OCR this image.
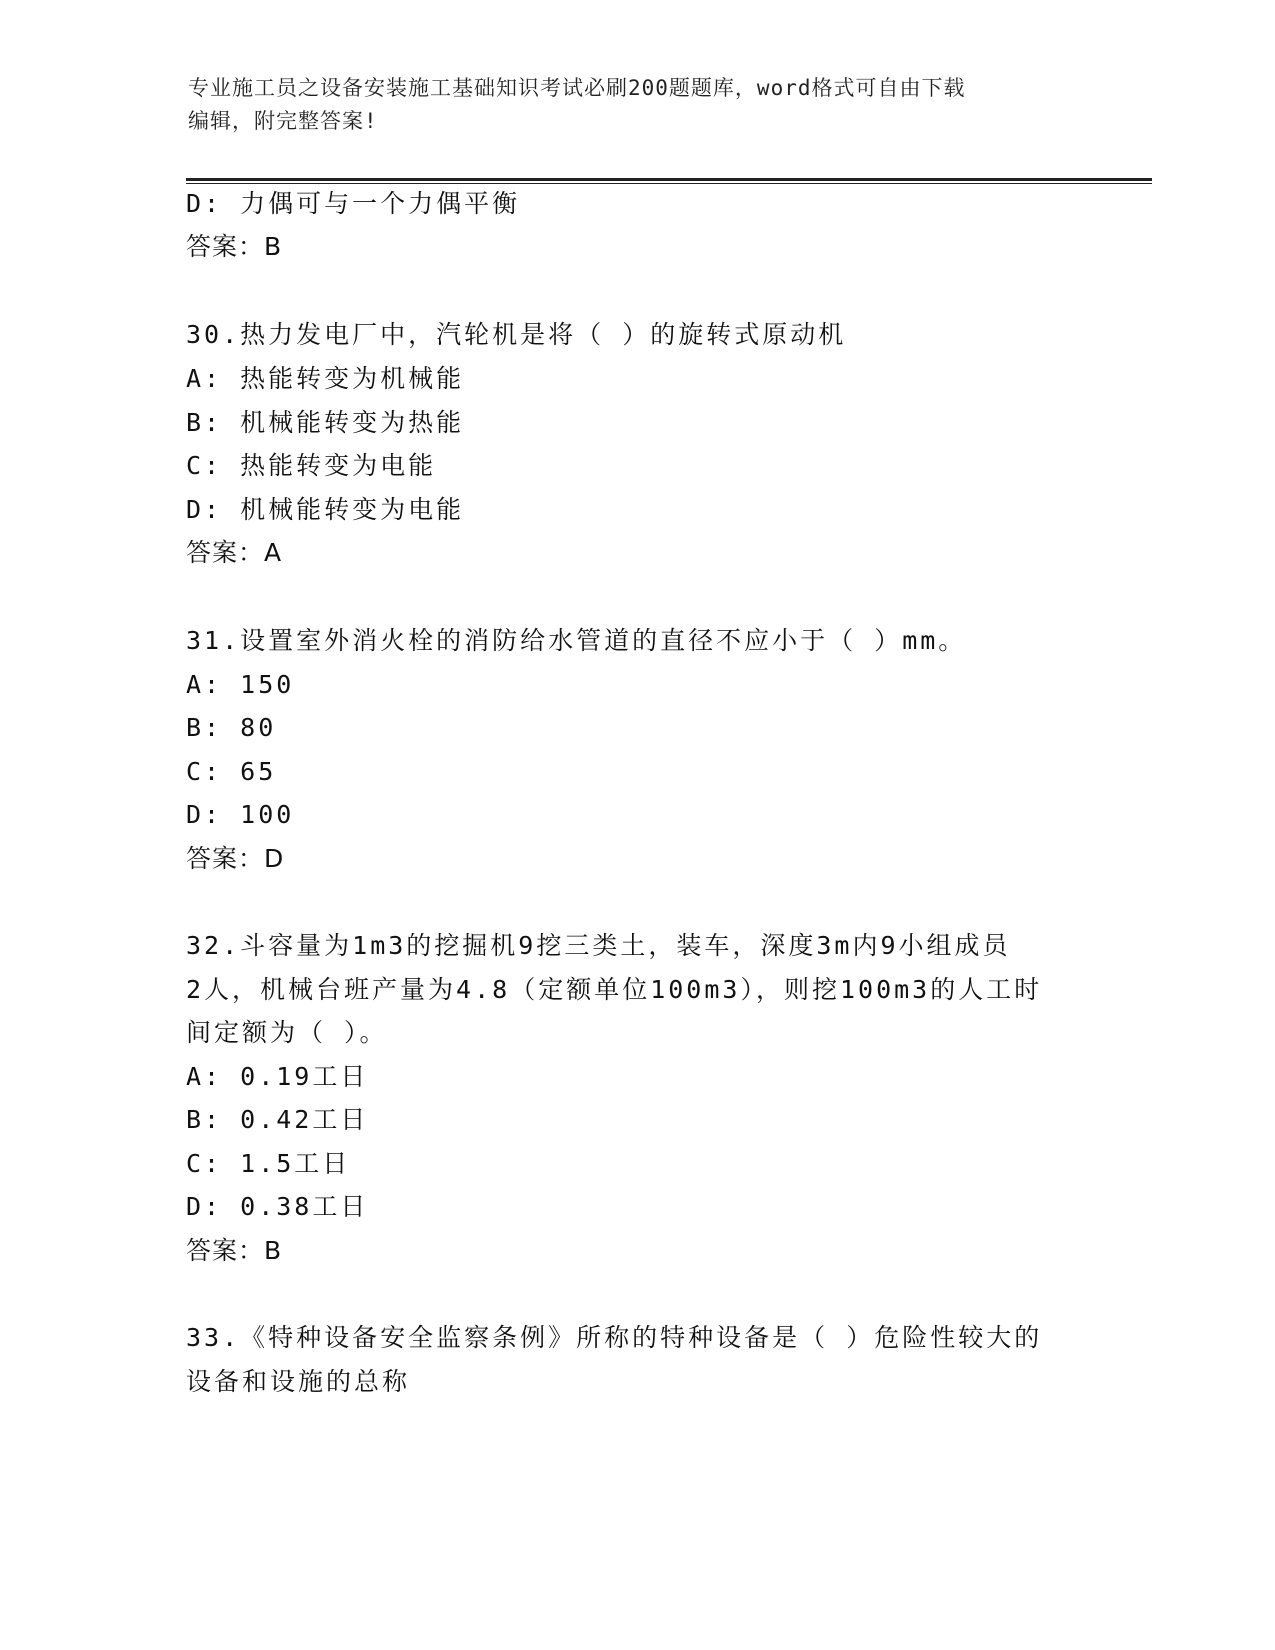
专业施工员之设备安装施工基础知识考试必刷200题题库，word格式可自由下载
编辑，附完整答案!
D: 力偶可与一个力偶平衡
答案：B
30.热力发电厂中，汽轮机是将（ ）的旋转式原动机
A: 热能转变为机械能
B: 机械能转变为热能
C: 热能转变为电能
D: 机械能转变为电能
答案：A
31.设置室外消火栓的消防给水管道的直径不应小于（ ）mm。
A: 150
B: 80
C: 65
D: 100
答案：D
32.斗容量为1m3的挖掘机9挖三类土，装车，深度3m内9小组成员
2人，机械台班产量为4.8（定额单位100m3），则挖100m3的人工时
间定额为（ ）。
A: 0.19工日
B: 0.42工日
C: 1.5工日
D: 0.38工日
答案：B
33.《特种设备安全监察条例》所称的特种设备是（ ）危险性较大的
设备和设施的总称
